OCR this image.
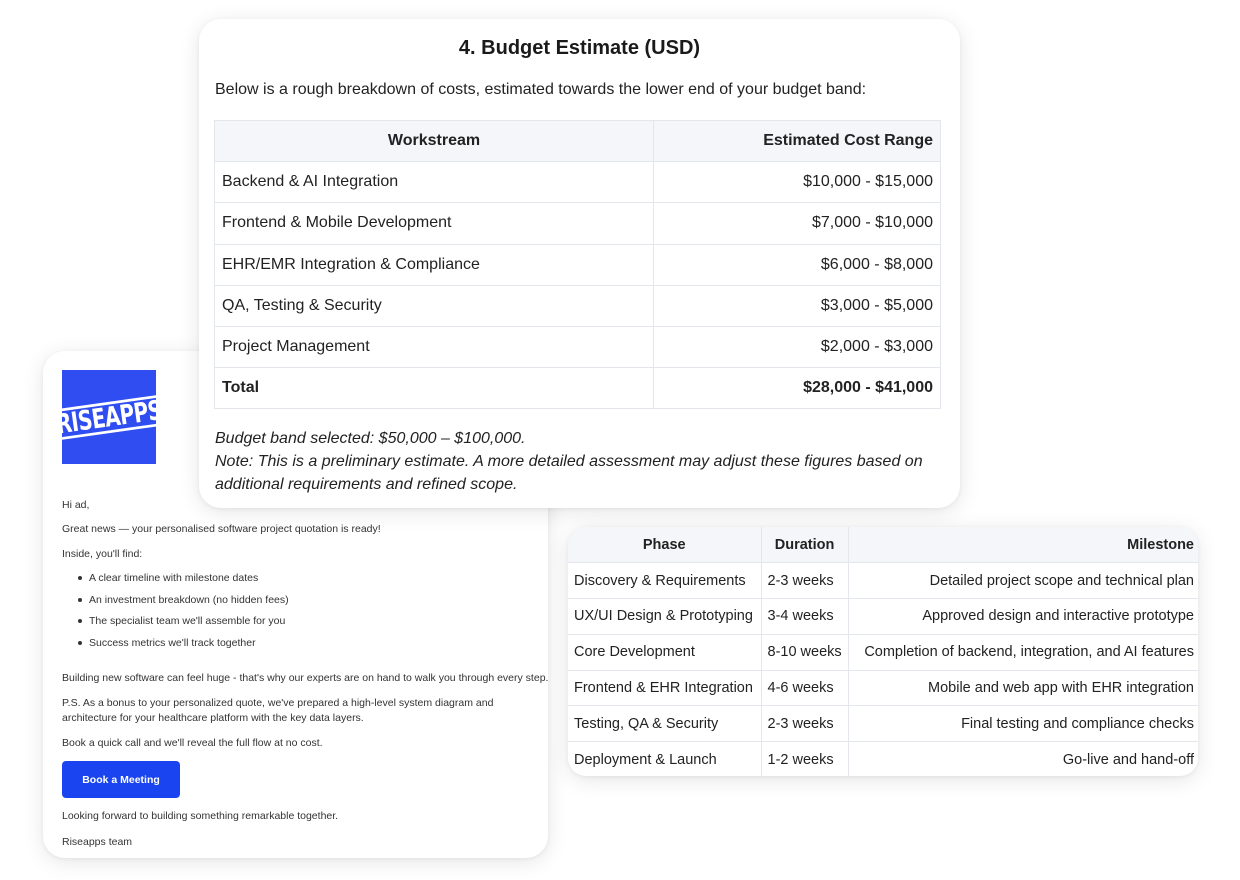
RISEAPPS
Hi ad,
Great news — your personalised software project quotation is ready!
Inside, you'll find:
A clear timeline with milestone dates
An investment breakdown (no hidden fees)
The specialist team we'll assemble for you
Success metrics we'll track together
Building new software can feel huge - that's why our experts are on hand to walk you through every step.
P.S. As a bonus to your personalized quote, we've prepared a high-level system diagram and architecture for your healthcare platform with the key data layers.
Book a quick call and we'll reveal the full flow at no cost.
Book a Meeting
Looking forward to building something remarkable together.
Riseapps team
4. Budget Estimate (USD)
Below is a rough breakdown of costs, estimated towards the lower end of your budget band:
Workstream	Estimated Cost Range
Backend & AI Integration	$10,000 - $15,000
Frontend & Mobile Development	$7,000 - $10,000
EHR/EMR Integration & Compliance	$6,000 - $8,000
QA, Testing & Security	$3,000 - $5,000
Project Management	$2,000 - $3,000
Total	$28,000 - $41,000
Budget band selected: $50,000 – $100,000.
Note: This is a preliminary estimate. A more detailed assessment may adjust these figures based on additional requirements and refined scope.
Phase	Duration	Milestone
Discovery & Requirements	2-3 weeks	Detailed project scope and technical plan
UX/UI Design & Prototyping	3-4 weeks	Approved design and interactive prototype
Core Development	8-10 weeks	Completion of backend, integration, and AI features
Frontend & EHR Integration	4-6 weeks	Mobile and web app with EHR integration
Testing, QA & Security	2-3 weeks	Final testing and compliance checks
Deployment & Launch	1-2 weeks	Go-live and hand-off
